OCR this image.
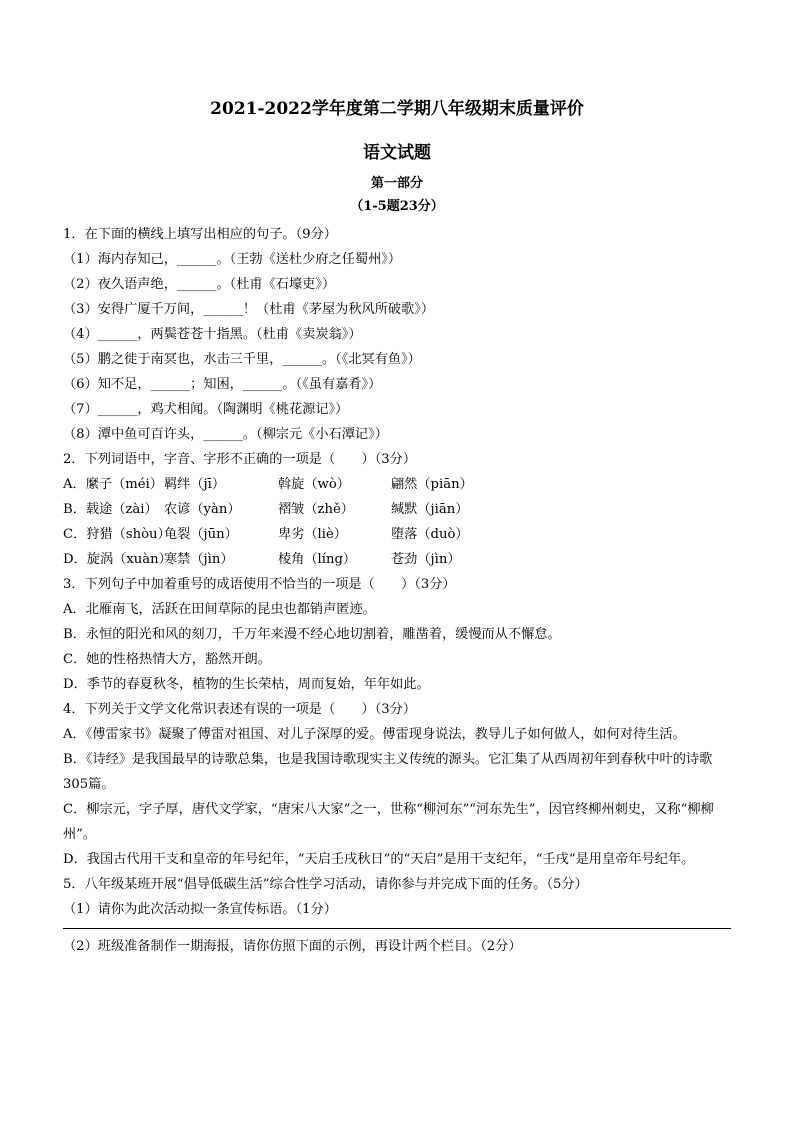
2021-2022学年度第二学期八年级期末质量评价
语文试题
第一部分
（1-5题23分）
1．在下面的横线上填写出相应的句子。（9分）
（1）海内存知己，______。（王勃《送杜少府之任蜀州》）
（2）夜久语声绝，______。（杜甫《石壕吏》）
（3）安得广厦千万间，______！（杜甫《茅屋为秋风所破歌》）
（4）______，两鬓苍苍十指黑。（杜甫《卖炭翁》）
（5）鹏之徙于南冥也，水击三千里，______。（《北冥有鱼》）
（6）知不足，______；知困，______。（《虽有嘉肴》）
（7）______，鸡犬相闻。（陶渊明《桃花源记》）
（8）潭中鱼可百许头，______。（柳宗元《小石潭记》）
2．下列词语中，字音、字形不正确的一项是（　　）（3分）
A．縻子（méi）羁绊（jī）	斡旋（wò）	翩然（piān）
B．载途（zài） 农谚（yàn）	褶皱（zhě）	缄默（jiān）
C．狩猎（shòu）龟裂（jūn）	卑劣（liè）	堕落（duò）
D．旋涡（xuàn）寒禁（jìn）	棱角（líng）	苍劲（jìn）
3．下列句子中加着重号的成语使用不恰当的一项是（　　）（3分）
A．北雁南飞，活跃在田间草际的昆虫也都销声匿迹。
B．永恒的阳光和风的刻刀，千万年来漫不经心地切割着，雕凿着，缓慢而从不懈怠。
C．她的性格热情大方，豁然开朗。
D．季节的春夏秋冬，植物的生长荣枯，周而复始，年年如此。
4．下列关于文学文化常识表述有误的一项是（　　）（3分）
A．《傅雷家书》凝聚了傅雷对祖国、对儿子深厚的爱。傅雷现身说法，教导儿子如何做人，如何对待生活。
B．《诗经》是我国最早的诗歌总集，也是我国诗歌现实主义传统的源头。它汇集了从西周初年到春秋中叶的诗歌305篇。
C．柳宗元，字子厚，唐代文学家，“唐宋八大家”之一，世称“柳河东”“河东先生”，因官终柳州刺史，又称“柳柳州”。
D．我国古代用干支和皇帝的年号纪年，“天启壬戌秋日”的“天启”是用干支纪年，“壬戌”是用皇帝年号纪年。
5．八年级某班开展“倡导低碳生活”综合性学习活动，请你参与并完成下面的任务。（5分）
（1）请你为此次活动拟一条宣传标语。（1分）
（2）班级准备制作一期海报，请你仿照下面的示例，再设计两个栏目。（2分）
